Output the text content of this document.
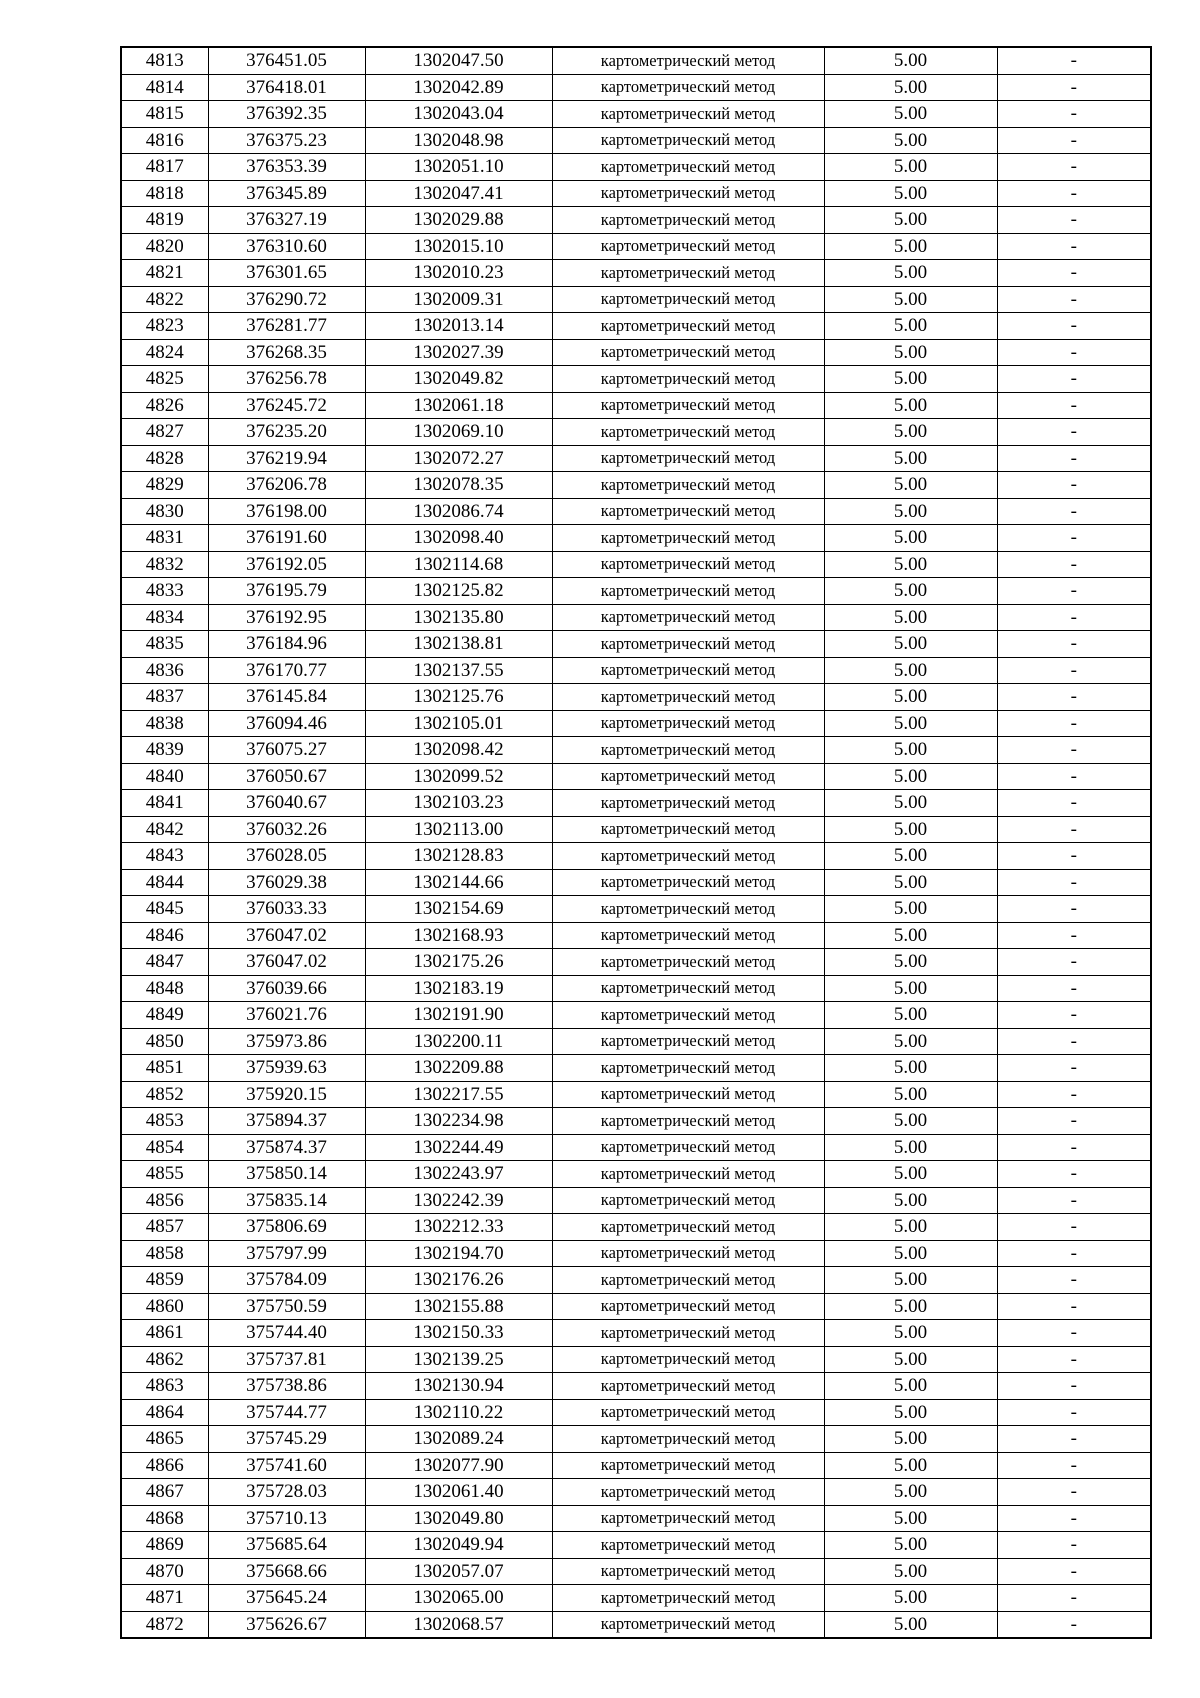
4813	376451.05	1302047.50	картометрический метод	5.00	-
4814	376418.01	1302042.89	картометрический метод	5.00	-
4815	376392.35	1302043.04	картометрический метод	5.00	-
4816	376375.23	1302048.98	картометрический метод	5.00	-
4817	376353.39	1302051.10	картометрический метод	5.00	-
4818	376345.89	1302047.41	картометрический метод	5.00	-
4819	376327.19	1302029.88	картометрический метод	5.00	-
4820	376310.60	1302015.10	картометрический метод	5.00	-
4821	376301.65	1302010.23	картометрический метод	5.00	-
4822	376290.72	1302009.31	картометрический метод	5.00	-
4823	376281.77	1302013.14	картометрический метод	5.00	-
4824	376268.35	1302027.39	картометрический метод	5.00	-
4825	376256.78	1302049.82	картометрический метод	5.00	-
4826	376245.72	1302061.18	картометрический метод	5.00	-
4827	376235.20	1302069.10	картометрический метод	5.00	-
4828	376219.94	1302072.27	картометрический метод	5.00	-
4829	376206.78	1302078.35	картометрический метод	5.00	-
4830	376198.00	1302086.74	картометрический метод	5.00	-
4831	376191.60	1302098.40	картометрический метод	5.00	-
4832	376192.05	1302114.68	картометрический метод	5.00	-
4833	376195.79	1302125.82	картометрический метод	5.00	-
4834	376192.95	1302135.80	картометрический метод	5.00	-
4835	376184.96	1302138.81	картометрический метод	5.00	-
4836	376170.77	1302137.55	картометрический метод	5.00	-
4837	376145.84	1302125.76	картометрический метод	5.00	-
4838	376094.46	1302105.01	картометрический метод	5.00	-
4839	376075.27	1302098.42	картометрический метод	5.00	-
4840	376050.67	1302099.52	картометрический метод	5.00	-
4841	376040.67	1302103.23	картометрический метод	5.00	-
4842	376032.26	1302113.00	картометрический метод	5.00	-
4843	376028.05	1302128.83	картометрический метод	5.00	-
4844	376029.38	1302144.66	картометрический метод	5.00	-
4845	376033.33	1302154.69	картометрический метод	5.00	-
4846	376047.02	1302168.93	картометрический метод	5.00	-
4847	376047.02	1302175.26	картометрический метод	5.00	-
4848	376039.66	1302183.19	картометрический метод	5.00	-
4849	376021.76	1302191.90	картометрический метод	5.00	-
4850	375973.86	1302200.11	картометрический метод	5.00	-
4851	375939.63	1302209.88	картометрический метод	5.00	-
4852	375920.15	1302217.55	картометрический метод	5.00	-
4853	375894.37	1302234.98	картометрический метод	5.00	-
4854	375874.37	1302244.49	картометрический метод	5.00	-
4855	375850.14	1302243.97	картометрический метод	5.00	-
4856	375835.14	1302242.39	картометрический метод	5.00	-
4857	375806.69	1302212.33	картометрический метод	5.00	-
4858	375797.99	1302194.70	картометрический метод	5.00	-
4859	375784.09	1302176.26	картометрический метод	5.00	-
4860	375750.59	1302155.88	картометрический метод	5.00	-
4861	375744.40	1302150.33	картометрический метод	5.00	-
4862	375737.81	1302139.25	картометрический метод	5.00	-
4863	375738.86	1302130.94	картометрический метод	5.00	-
4864	375744.77	1302110.22	картометрический метод	5.00	-
4865	375745.29	1302089.24	картометрический метод	5.00	-
4866	375741.60	1302077.90	картометрический метод	5.00	-
4867	375728.03	1302061.40	картометрический метод	5.00	-
4868	375710.13	1302049.80	картометрический метод	5.00	-
4869	375685.64	1302049.94	картометрический метод	5.00	-
4870	375668.66	1302057.07	картометрический метод	5.00	-
4871	375645.24	1302065.00	картометрический метод	5.00	-
4872	375626.67	1302068.57	картометрический метод	5.00	-
